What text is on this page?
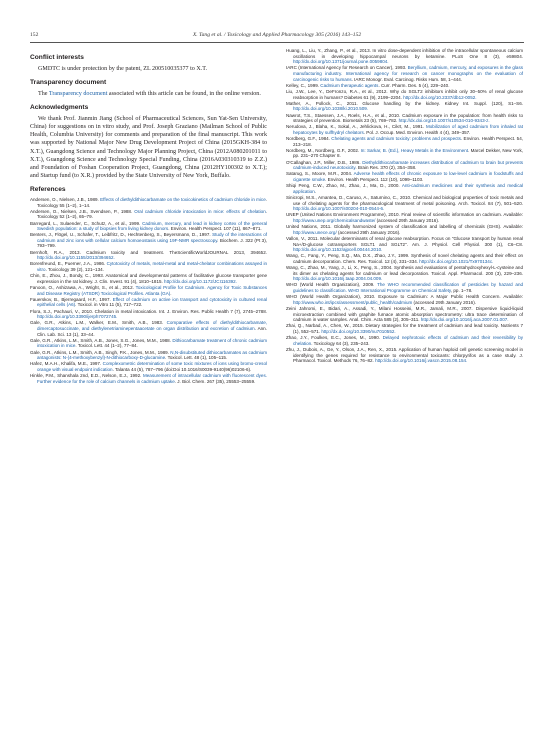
152	X. Tang et al. / Toxicology and Applied Pharmacology 305 (2016) 143–152
Conflict interests

GMDTC is under protection by the patent, ZL 200510035377 to X.T.

Transparency document

The Transparency document associated with this article can be found, in the online version.

Acknowledgments

We thank Prof. Jianmin Jiang (School of Pharmaceutical Sciences, Sun Yat-Sen University, China) for suggestions on in vitro study, and Prof. Joseph Graziano (Mailman School of Public Health, Columbia University) for comments and preparation of the final manuscript. This work was supported by National Major New Drug Development Project of China (2015GKH-384 to X.T.), Guangdong Science and Technology Major Planning Project, China (2012A080201011 to X.T.), Guangdong Science and Technology Special Funding, China (2016A030310319 to Z.Z.) and Foundation of Foshan Cooperation Project, Guangdong, China (2012HY100302 to X.T.); and Startup fund (to X.R.) provided by the State University of New York, Buffalo.

References

Andersen, O., Nielsen, J.B., 1989. Effects of diethyldithiocarbamate on the toxicokinetics of cadmium chloride in mice. Toxicology 55 (1–2), 1–14.

Andersen, O., Nielsen, J.B., Svendsen, P., 1988. Oral cadmium chloride intoxication in mice: effects of chelation. Toxicology 52 (1–2), 65–79.

Barregard, L., Sulaender, C., Schutz, A., et al., 1999. Cadmium, mercury, and lead in kidney cortex of the general Swedish population: a study of biopsies from living kidney donors. Environ. Health Perspect. 107 (11), 867–871.

Benters, J., Flögel, U., Schafer, T., Leibfritz, D., Hechtenberg, S., Beyersmann, D., 1997. Study of the interactions of cadmium and zinc ions with cellular calcium homoeostasis using 19F-NMR spectroscopy. Biochem. J. 322 (Pt 3), 793–799.

Bernhoft, R.A., 2013. Cadmium toxicity and treatment. TheScientificWorldJOURNAL 2013, 394652. http://dx.doi.org/10.1155/2013/394652.

Borenfreund, E., Puerner, J.A., 1986. Cytotoxicity of metals, metal-metal and metal-chelator combinations assayed in vitro. Toxicology 39 (2), 121–134.

Chin, E., Zhou, J., Bondy, C., 1993. Anatomical and developmental patterns of facilitative glucose transporter gene expression in the rat kidney. J. Clin. Invest. 91 (4), 1810–1815. http://dx.doi.org/10.1172/JCI116392.

Fanoon, O., Ashizawa, A., Wright, S., et al., 2012. Toxicological Profile for Cadmium. Agency for Toxic Substances and Disease Registry (ATSDR) Toxicological Profiles. Atlanta (GA).

Fauerskov, B., Bjerregaard, H.F., 1997. Effect of cadmium on active ion transport and cytotoxicity in cultured renal epithelial cells (A6). Toxicol. in Vitro 11 (5), 717–722.

Flora, S.J., Pachauri, V., 2010. Chelation in metal intoxication. Int. J. Environ. Res. Public Health 7 (7), 2745–2788. http://dx.doi.org/10.3390/ijerph7072745.

Gale, G.R., Atkins, L.M., Walker, E.M., Smith, A.B., 1983. Comparative effects of diethyldithiocarbamate, dimercaptosuccinate, and diethylenetriaminepentaacetate on organ distribution and excretion of cadmium. Ann. Clin. Lab. Sci. 13 (1), 33–44.

Gale, G.R., Atkins, L.M., Smith, A.B., Jones, S.G., Jones, M.M., 1988. Dithiocarbamate treatment of chronic cadmium intoxication in mice. Toxicol. Lett. 44 (1–2), 77–84.

Gale, G.R., Atkins, L.M., Smith, A.B., Singh, P.K., Jones, M.M., 1989. N,N-disubstituted dithiocarbamates as cadmium antagonists: N-(4-methoxybenzyl)-N-dithiocarboxy-D-glucamine. Toxicol. Lett. 48 (1), 105–115.

Hafez, M.A.H., Khalifa, M.E., 1997. Complexometric determination of some toxic mixtures of ions using bromo-cresol orange with visual endpoint indication. Talanta 44 (5), 787–796 (doi:Doi 10.1016/S0039-9140(96)02106-6).

Hinkle, P.M., Shanshala 2nd, E.D., Nelson, E.J., 1992. Measurement of intracellular cadmium with fluorescent dyes. Further evidence for the role of calcium channels in cadmium uptake. J. Biol. Chem. 267 (35), 25553–25559.

Huang, L., Liu, Y., Zhang, P., et al., 2013. In vitro dose-dependent inhibition of the intracellular spontaneous calcium oscillations in developing hippocampal neurons by ketamine. PLoS One 8 (3), e59804. http://dx.doi.org/10.1371/journal.pone.0059804.

IARC (International Agency for Research on Cancer), 1993. Beryllium, cadmium, mercury, and exposures in the glass manufacturing industry. International agency for research on cancer monographs on the evaluation of carcinogenic risks to humans. IARC Monogr. Eval. Carcinog. Risks Hum. 58, 1–444.

Kelley, C., 1999. Cadmium therapeutic agents. Curr. Pharm. Des. 5 (4), 229–240.

Liu, J.W., Lee, Y., DeFronzo, R.A., et al., 2012. Why do SGLT2 inhibitors inhibit only 30–50% of renal glucose reabsorption in humans? Diabetes 61 (9), 2199–2204. http://dx.doi.org/10.2337/db12-0052.

Mather, A., Pollock, C., 2011. Glucose handling by the kidney. Kidney Int. Suppl. (120), S1–S6. http://dx.doi.org/10.1038/ki.2010.509.

Nawrot, T.S., Staessen, J.A., Roels, H.A., et al., 2010. Cadmium exposure in the population: from health risks to strategies of prevention. Biometals 23 (5), 769–782. http://dx.doi.org/10.1007/s10534-010-9343-z.

Nerudova, J., Blaha, K., Sokal, A., Jehlickova, H., Cikrt, M., 1991. Mobilization of aged cadmium from inhaled rat hepatocytes by sulfhydryl chelators. Pol. J. Occup. Med. Environ. Health 4 (4), 349–357.

Nordberg, G.F., 1984. Chelating agents and cadmium toxicity: problems and prospects. Environ. Health Perspect. 54, 213–218.

Nordberg, M., Nordberg, G.F., 2002. In: Sarkar, B. (Ed.), Heavy Metals in the Environment. Marcel Dekker, New York, pp. 231–270 Chapter 8.

O'Callaghan, J.P., Miller, D.B., 1986. Diethyldithiocarbamate increases distribution of cadmium to brain but prevents cadmium-induced neurotoxicity. Brain Res. 370 (2), 354–358.

Satarug, S., Moore, M.R., 2004. Adverse health effects of chronic exposure to low-level cadmium in foodstuffs and cigarette smoke. Environ. Health Perspect. 112 (10), 1099–1103.

Shiqi Peng, C.W., Zhao, M., Zhao, J., Ma, D., 2000. Anti-cadmium medicines and their synthesis and medical application.

Sinicropi, M.S., Amantea, D., Caruso, A., Saturnino, C., 2010. Chemical and biological properties of toxic metals and use of chelating agents for the pharmacological treatment of metal poisoning. Arch. Toxicol. 84 (7), 501–520. http://dx.doi.org/10.1007/s00204-010-0544-6.

UNEP (United Nations Environment Programme), 2010. Final review of scientific information on cadmium. Available: http://www.unep.org/chemicalsandwaste/ (accessed 29th January 2016).

United Nations, 2011. Globally harmonized system of classification and labelling of chemicals (GHS). Available: http://www.unece.org/ (accessed 29th January 2016).

Vallon, V., 2011. Molecular determinants of renal glucose reabsorption. Focus on "Glucose transport by human renal Na+/D-glucose cotransporters SGLT1 and SGLT2". Am. J. Physiol. Cell Physiol. 300 (1), C6–C8. http://dx.doi.org/10.1152/ajpcell.00444.2010.

Wang, C., Fang, Y., Peng, S.Q., Ma, D.X., Zhao, J.Y., 1999. Synthesis of novel chelating agents and their effect on cadmium decorporation. Chem. Res. Toxicol. 12 (4), 331–334. http://dx.doi.org/10.1021/Tx970134c.

Wang, C., Zhao, M., Yang, J., Li, X., Peng, S., 2004. Synthesis and evaluations of pentahydroxyhexyl-L-cysteine and its dimer as chelating agents for cadmium or lead decorporation. Toxicol. Appl. Pharmacol. 200 (3), 229–236. http://dx.doi.org/10.1016/j.taap.2004.04.009.

WHO (World Health Organization), 2009. The WHO recommended classification of pesticides by hazard and guidelines to classification. WHO International Programme on Chemical Safety, pp. 1–78.

WHO (World Health Organization), 2010. Exposure to Cadmium: A Major Public Health Concern. Available: http://www.who.int/ipcs/assessment/public_health/cadmium (accessed 29th January 2016).

Zeini Jahromi, E., Bidari, A., Assadi, Y., Milani Hosseini, M.R., Jamali, M.R., 2007. Dispersive liquid-liquid microextraction combined with graphite furnace atomic absorption spectrometry: ultra trace determination of cadmium in water samples. Anal. Chim. Acta 585 (2), 305–311. http://dx.doi.org/10.1016/j.aca.2007.01.007.

Zhai, Q., Narbad, A., Chen, W., 2015. Dietary strategies for the treatment of cadmium and lead toxicity. Nutrients 7 (1), 552–571. http://dx.doi.org/10.3390/nu7010552.

Zhao, J.Y., Foulkes, E.C., Jones, M., 1990. Delayed nephrotoxic effects of cadmium and their reversibility by chelation. Toxicology 64 (3), 235–243.

Zhu, J., Dubois, A., Ge, Y., Olson, J.A., Ren, X., 2015. Application of human haploid cell genetic screening model in identifying the genes required for resistance to environmental toxicants: chlorpyrifos as a case study. J. Pharmacol. Toxicol. Methods 76, 76–82. http://dx.doi.org/10.1016/j.vascn.2015.08.154.
